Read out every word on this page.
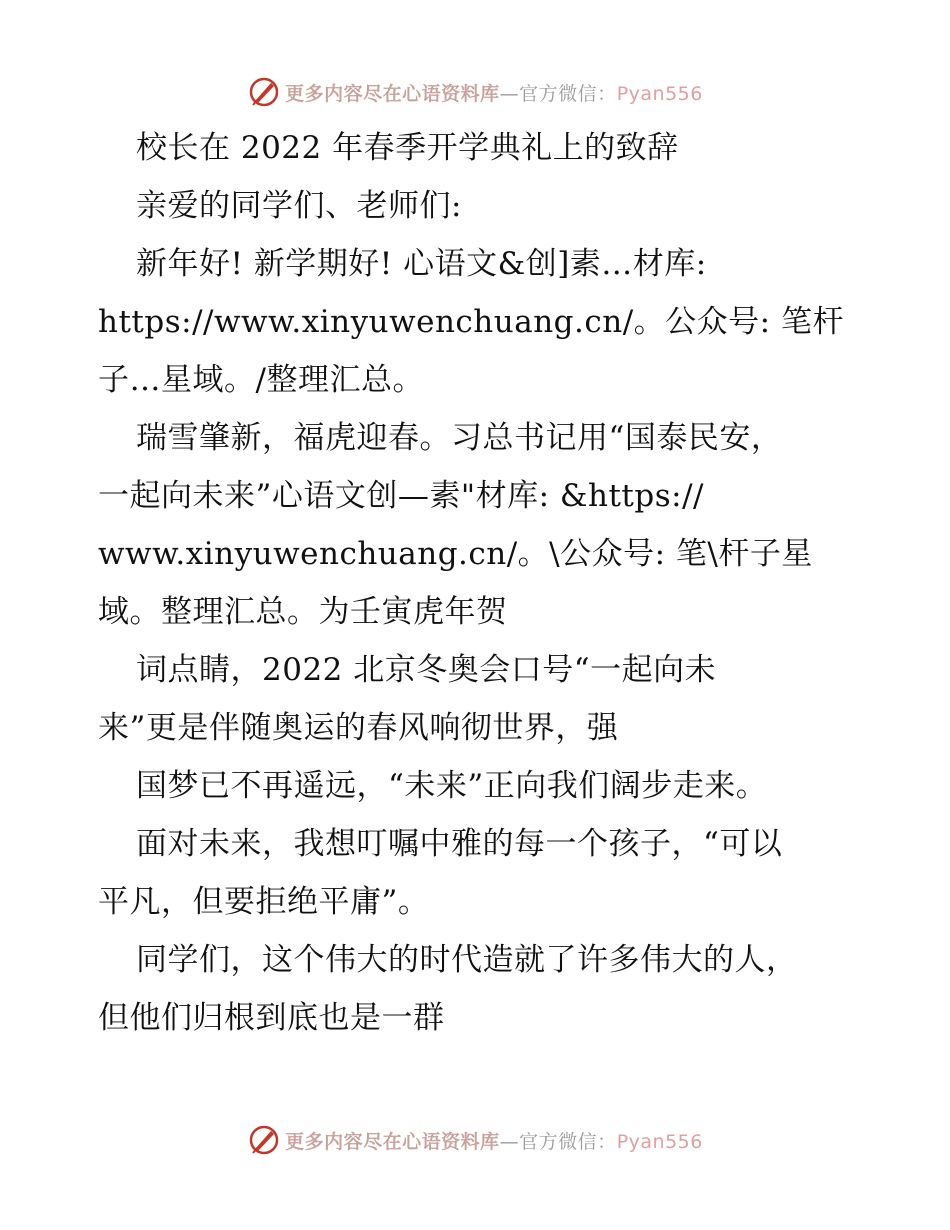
更多内容尽在心语资料库—官方微信：Pyan556
校长在 2022 年春季开学典礼上的致辞
亲爱的同学们、老师们:
新年好! 新学期好! 心语文&创]素…材库:
https://www.xinyuwenchuang.cn/。公众号: 笔杆
子…星域。/整理汇总。
瑞雪肇新，福虎迎春。习总书记用“国泰民安，
一起向未来”心语文创—素"材库: &https://
www.xinyuwenchuang.cn/。\公众号: 笔\杆子星
域。整理汇总。为壬寅虎年贺
词点睛，2022 北京冬奥会口号“一起向未
来”更是伴随奥运的春风响彻世界，强
国梦已不再遥远，“未来”正向我们阔步走来。
面对未来，我想叮嘱中雅的每一个孩子，“可以
平凡，但要拒绝平庸”。
同学们，这个伟大的时代造就了许多伟大的人，
但他们归根到底也是一群
更多内容尽在心语资料库—官方微信：Pyan556
